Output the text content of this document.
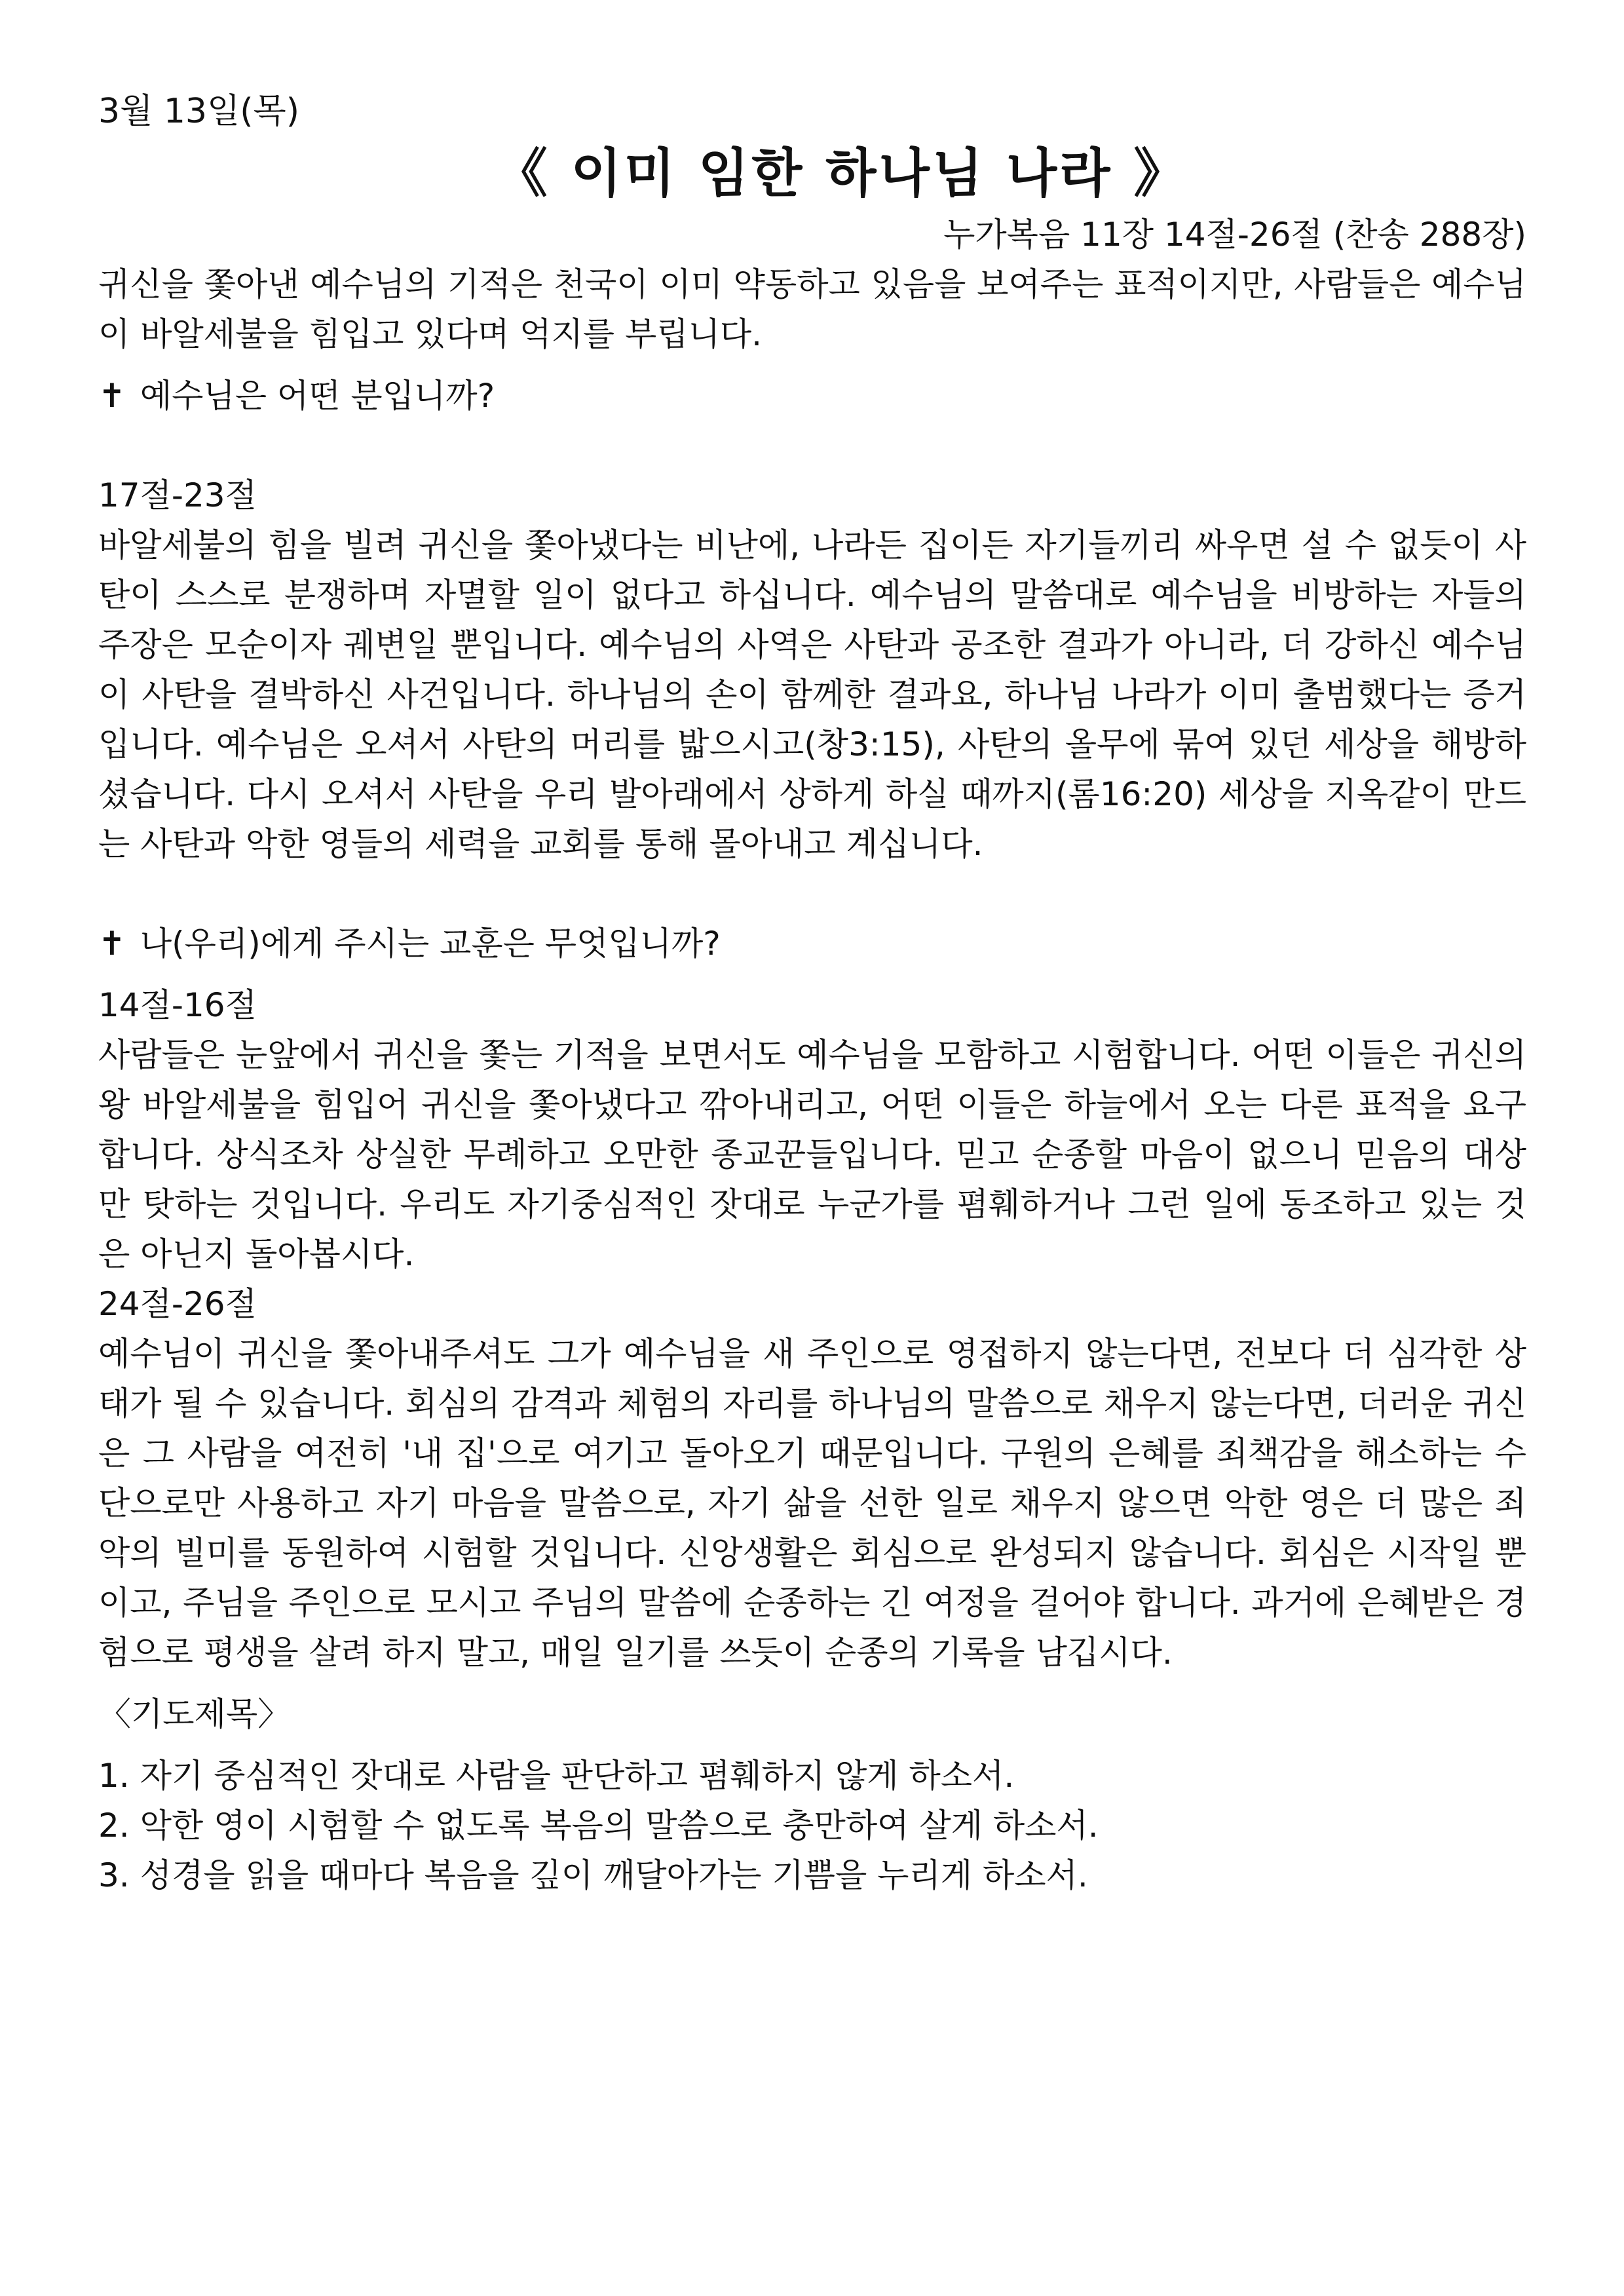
3월 13일(목)
《 이미 임한 하나님 나라 》
누가복음 11장 14절-26절 (찬송 288장)

귀신을 쫓아낸 예수님의 기적은 천국이 이미 약동하고 있음을 보여주는 표적이지만, 사람들은 예수님이 바알세불을 힘입고 있다며 억지를 부립니다.

✝ 예수님은 어떤 분입니까?

17절-23절

바알세불의 힘을 빌려 귀신을 쫓아냈다는 비난에, 나라든 집이든 자기들끼리 싸우면 설 수 없듯이 사탄이 스스로 분쟁하며 자멸할 일이 없다고 하십니다. 예수님의 말씀대로 예수님을 비방하는 자들의 주장은 모순이자 궤변일 뿐입니다. 예수님의 사역은 사탄과 공조한 결과가 아니라, 더 강하신 예수님이 사탄을 결박하신 사건입니다. 하나님의 손이 함께한 결과요, 하나님 나라가 이미 출범했다는 증거입니다. 예수님은 오셔서 사탄의 머리를 밟으시고(창3:15), 사탄의 올무에 묶여 있던 세상을 해방하셨습니다. 다시 오셔서 사탄을 우리 발아래에서 상하게 하실 때까지(롬16:20) 세상을 지옥같이 만드는 사탄과 악한 영들의 세력을 교회를 통해 몰아내고 계십니다.

✝ 나(우리)에게 주시는 교훈은 무엇입니까?

14절-16절

사람들은 눈앞에서 귀신을 쫓는 기적을 보면서도 예수님을 모함하고 시험합니다. 어떤 이들은 귀신의 왕 바알세불을 힘입어 귀신을 쫓아냈다고 깎아내리고, 어떤 이들은 하늘에서 오는 다른 표적을 요구합니다. 상식조차 상실한 무례하고 오만한 종교꾼들입니다. 믿고 순종할 마음이 없으니 믿음의 대상만 탓하는 것입니다. 우리도 자기중심적인 잣대로 누군가를 폄훼하거나 그런 일에 동조하고 있는 것은 아닌지 돌아봅시다.

24절-26절

예수님이 귀신을 쫓아내주셔도 그가 예수님을 새 주인으로 영접하지 않는다면, 전보다 더 심각한 상태가 될 수 있습니다. 회심의 감격과 체험의 자리를 하나님의 말씀으로 채우지 않는다면, 더러운 귀신은 그 사람을 여전히 '내 집'으로 여기고 돌아오기 때문입니다. 구원의 은혜를 죄책감을 해소하는 수단으로만 사용하고 자기 마음을 말씀으로, 자기 삶을 선한 일로 채우지 않으면 악한 영은 더 많은 죄악의 빌미를 동원하여 시험할 것입니다. 신앙생활은 회심으로 완성되지 않습니다. 회심은 시작일 뿐이고, 주님을 주인으로 모시고 주님의 말씀에 순종하는 긴 여정을 걸어야 합니다. 과거에 은혜받은 경험으로 평생을 살려 하지 말고, 매일 일기를 쓰듯이 순종의 기록을 남깁시다.

〈기도제목〉

1. 자기 중심적인 잣대로 사람을 판단하고 폄훼하지 않게 하소서.
2. 악한 영이 시험할 수 없도록 복음의 말씀으로 충만하여 살게 하소서.
3. 성경을 읽을 때마다 복음을 깊이 깨달아가는 기쁨을 누리게 하소서.
